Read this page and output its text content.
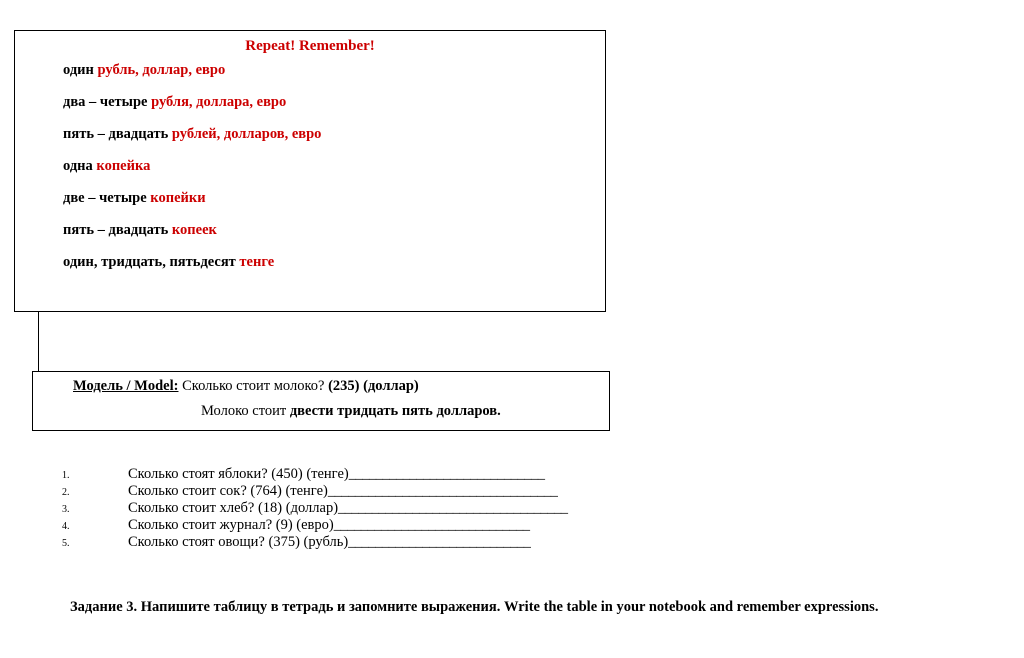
Repeat! Remember!
один рубль, доллар, евро
два – четыре рубля, доллара, евро
пять – двадцать рублей, долларов, евро
одна копейка
две – четыре копейки
пять – двадцать копеек
один, тридцать, пятьдесят тенге
Модель / Model: Сколько стоит молоко? (235) (доллар)
Молоко стоит двести тридцать пять долларов.
1.	Сколько стоят яблоки? (450) (тенге) _____________________________
2.	Сколько стоит сок? (764) (тенге) __________________________________
3.	Сколько стоит хлеб? (18) (доллар) __________________________________
4.	Сколько стоит журнал? (9) (евро) _____________________________
5.	Сколько стоят овощи? (375) (рубль) ___________________________
Задание 3. Напишите таблицу в тетрадь и запомните выражения. Write the table in your notebook and remember expressions.
